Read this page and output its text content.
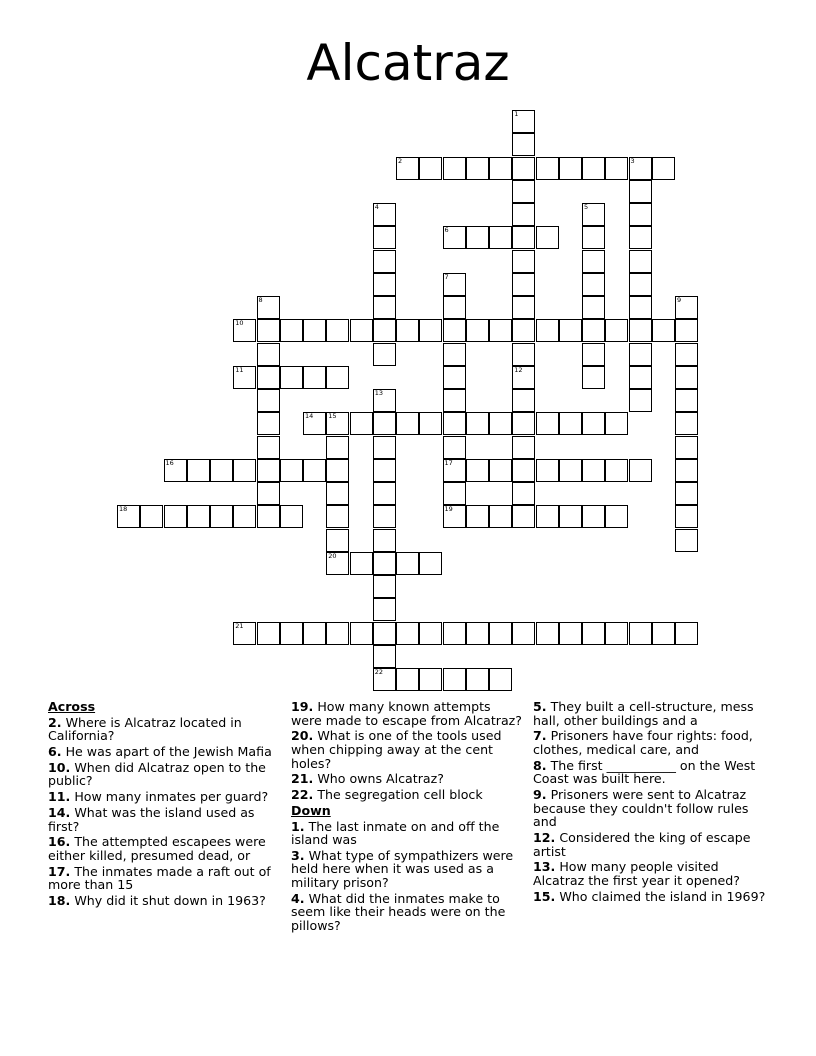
Alcatraz
1
2	3
4	5
6
7
17
8	9
10
11	12
13
14 15
20
16
18	19
21
22
Across
2. Where is Alcatraz located in California?
6. He was apart of the Jewish Mafia
10. When did Alcatraz open to the public?
11. How many inmates per guard?
14. What was the island used as first?
16. The attempted escapees were either killed, presumed dead, or
17. The inmates made a raft out of more than 15
18. Why did it shut down in 1963?
19. How many known attempts were made to escape from Alcatraz?
20. What is one of the tools used when chipping away at the cent holes?
21. Who owns Alcatraz?
22. The segregation cell block
Down
1. The last inmate on and off the island was
3. What type of sympathizers were held here when it was used as a military prison?
4. What did the inmates make to seem like their heads were on the pillows?
5. They built a cell-structure, mess hall, other buildings and a
7. Prisoners have four rights: food, clothes, medical care, and
8. The first ___________ on the West Coast was built here.
9. Prisoners were sent to Alcatraz because they couldn't follow rules and
12. Considered the king of escape artist
13. How many people visited Alcatraz the first year it opened?
15. Who claimed the island in 1969?
